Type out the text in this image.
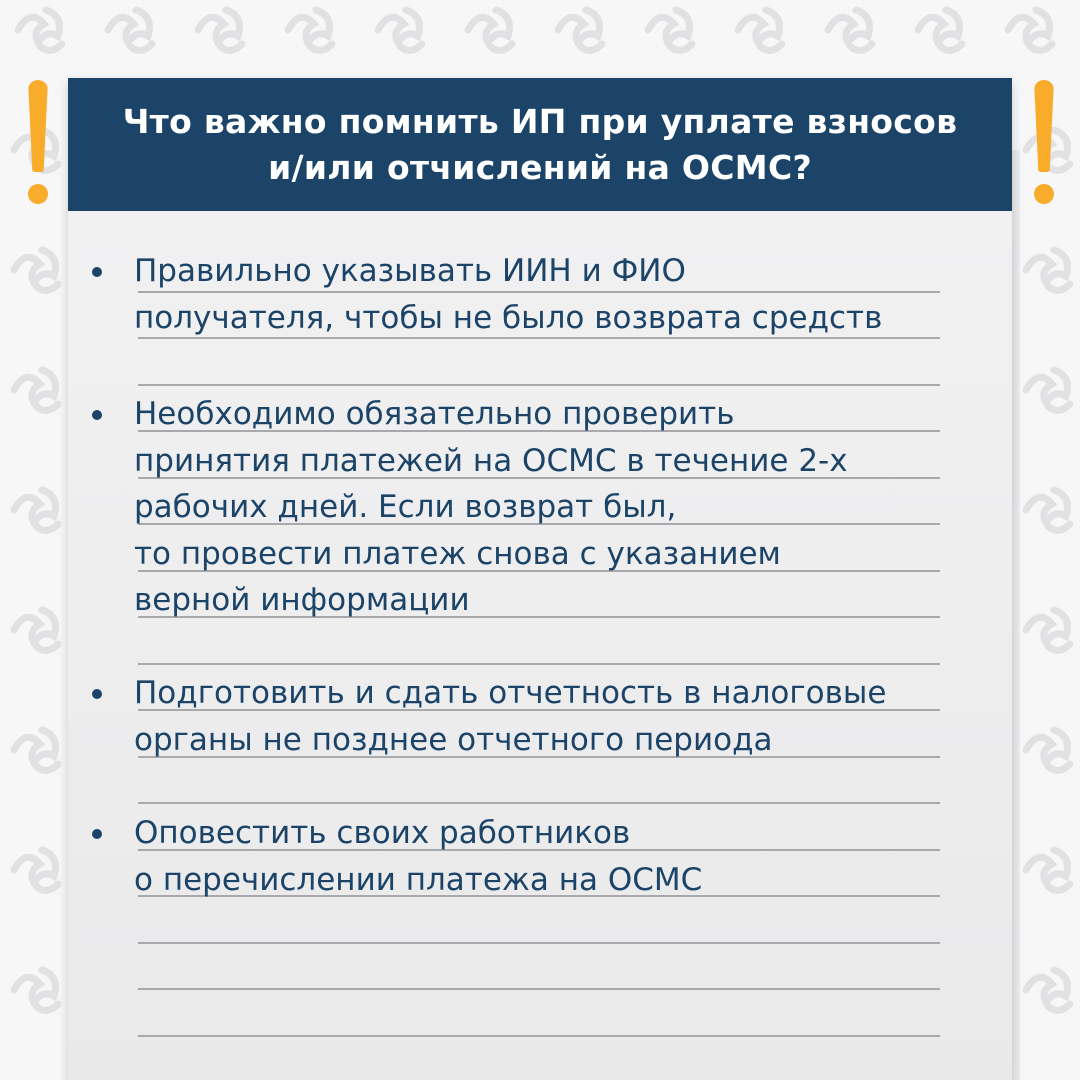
Что важно помнить ИП при уплате взносов
и/или отчислений на ОСМС?
Правильно указывать ИИН и ФИО
получателя, чтобы не было возврата средств
Необходимо обязательно проверить
принятия платежей на ОСМС в течение 2-х
рабочих дней. Если возврат был,
то провести платеж снова с указанием
верной информации
Подготовить и сдать отчетность в налоговые
органы не позднее отчетного периода
Оповестить своих работников
о перечислении платежа на ОСМС
